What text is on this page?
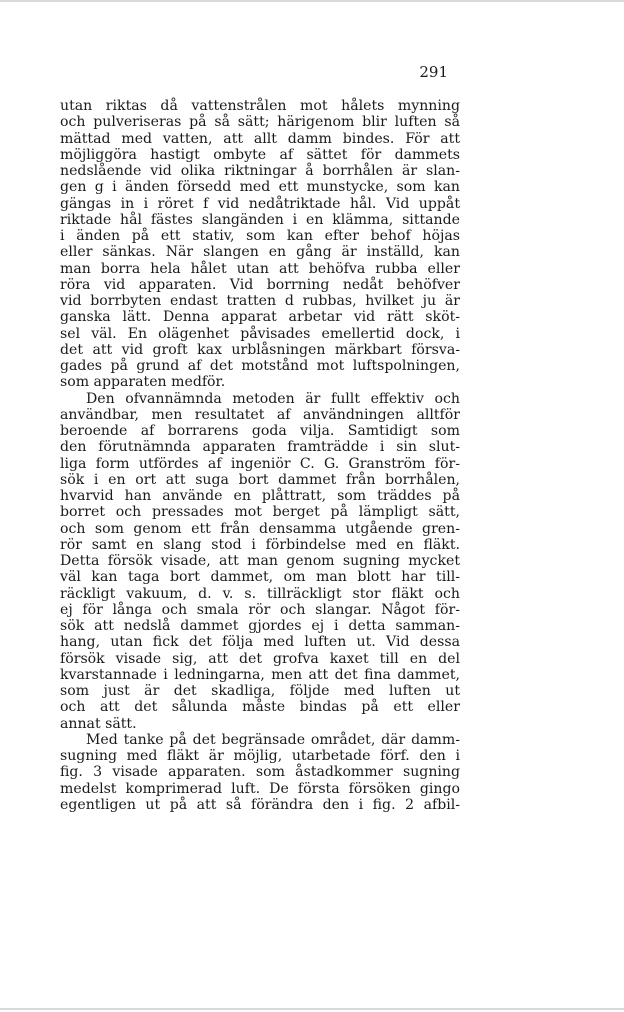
291
utan riktas då vattenstrålen mot hålets mynning
och pulveriseras på så sätt; härigenom blir luften så
mättad med vatten, att allt damm bindes. För att
möjliggöra hastigt ombyte af sättet för dammets
nedslående vid olika riktningar å borrhålen är slan-
gen g i änden försedd med ett munstycke, som kan
gängas in i röret f vid nedåtriktade hål. Vid uppåt
riktade hål fästes slangänden i en klämma, sittande
i änden på ett stativ, som kan efter behof höjas
eller sänkas. När slangen en gång är inställd, kan
man borra hela hålet utan att behöfva rubba eller
röra vid apparaten. Vid borrning nedåt behöfver
vid borrbyten endast tratten d rubbas, hvilket ju är
ganska lätt. Denna apparat arbetar vid rätt sköt-
sel väl. En olägenhet påvisades emellertid dock, i
det att vid groft kax urblåsningen märkbart försva-
gades på grund af det motstånd mot luftspolningen,
som apparaten medför.
Den ofvannämnda metoden är fullt effektiv och
användbar, men resultatet af användningen alltför
beroende af borrarens goda vilja. Samtidigt som
den förutnämnda apparaten framträdde i sin slut-
liga form utfördes af ingeniör C. G. Granström för-
sök i en ort att suga bort dammet från borrhålen,
hvarvid han använde en plåttratt, som träddes på
borret och pressades mot berget på lämpligt sätt,
och som genom ett från densamma utgående gren-
rör samt en slang stod i förbindelse med en fläkt.
Detta försök visade, att man genom sugning mycket
väl kan taga bort dammet, om man blott har till-
räckligt vakuum, d. v. s. tillräckligt stor fläkt och
ej för långa och smala rör och slangar. Något för-
sök att nedslå dammet gjordes ej i detta samman-
hang, utan fick det följa med luften ut. Vid dessa
försök visade sig, att det grofva kaxet till en del
kvarstannade i ledningarna, men att det fina dammet,
som just är det skadliga, följde med luften ut
och att det sålunda måste bindas på ett eller
annat sätt.
Med tanke på det begränsade området, där damm-
sugning med fläkt är möjlig, utarbetade förf. den i
fig. 3 visade apparaten. som åstadkommer sugning
medelst komprimerad luft. De första försöken gingo
egentligen ut på att så förändra den i fig. 2 afbil-
